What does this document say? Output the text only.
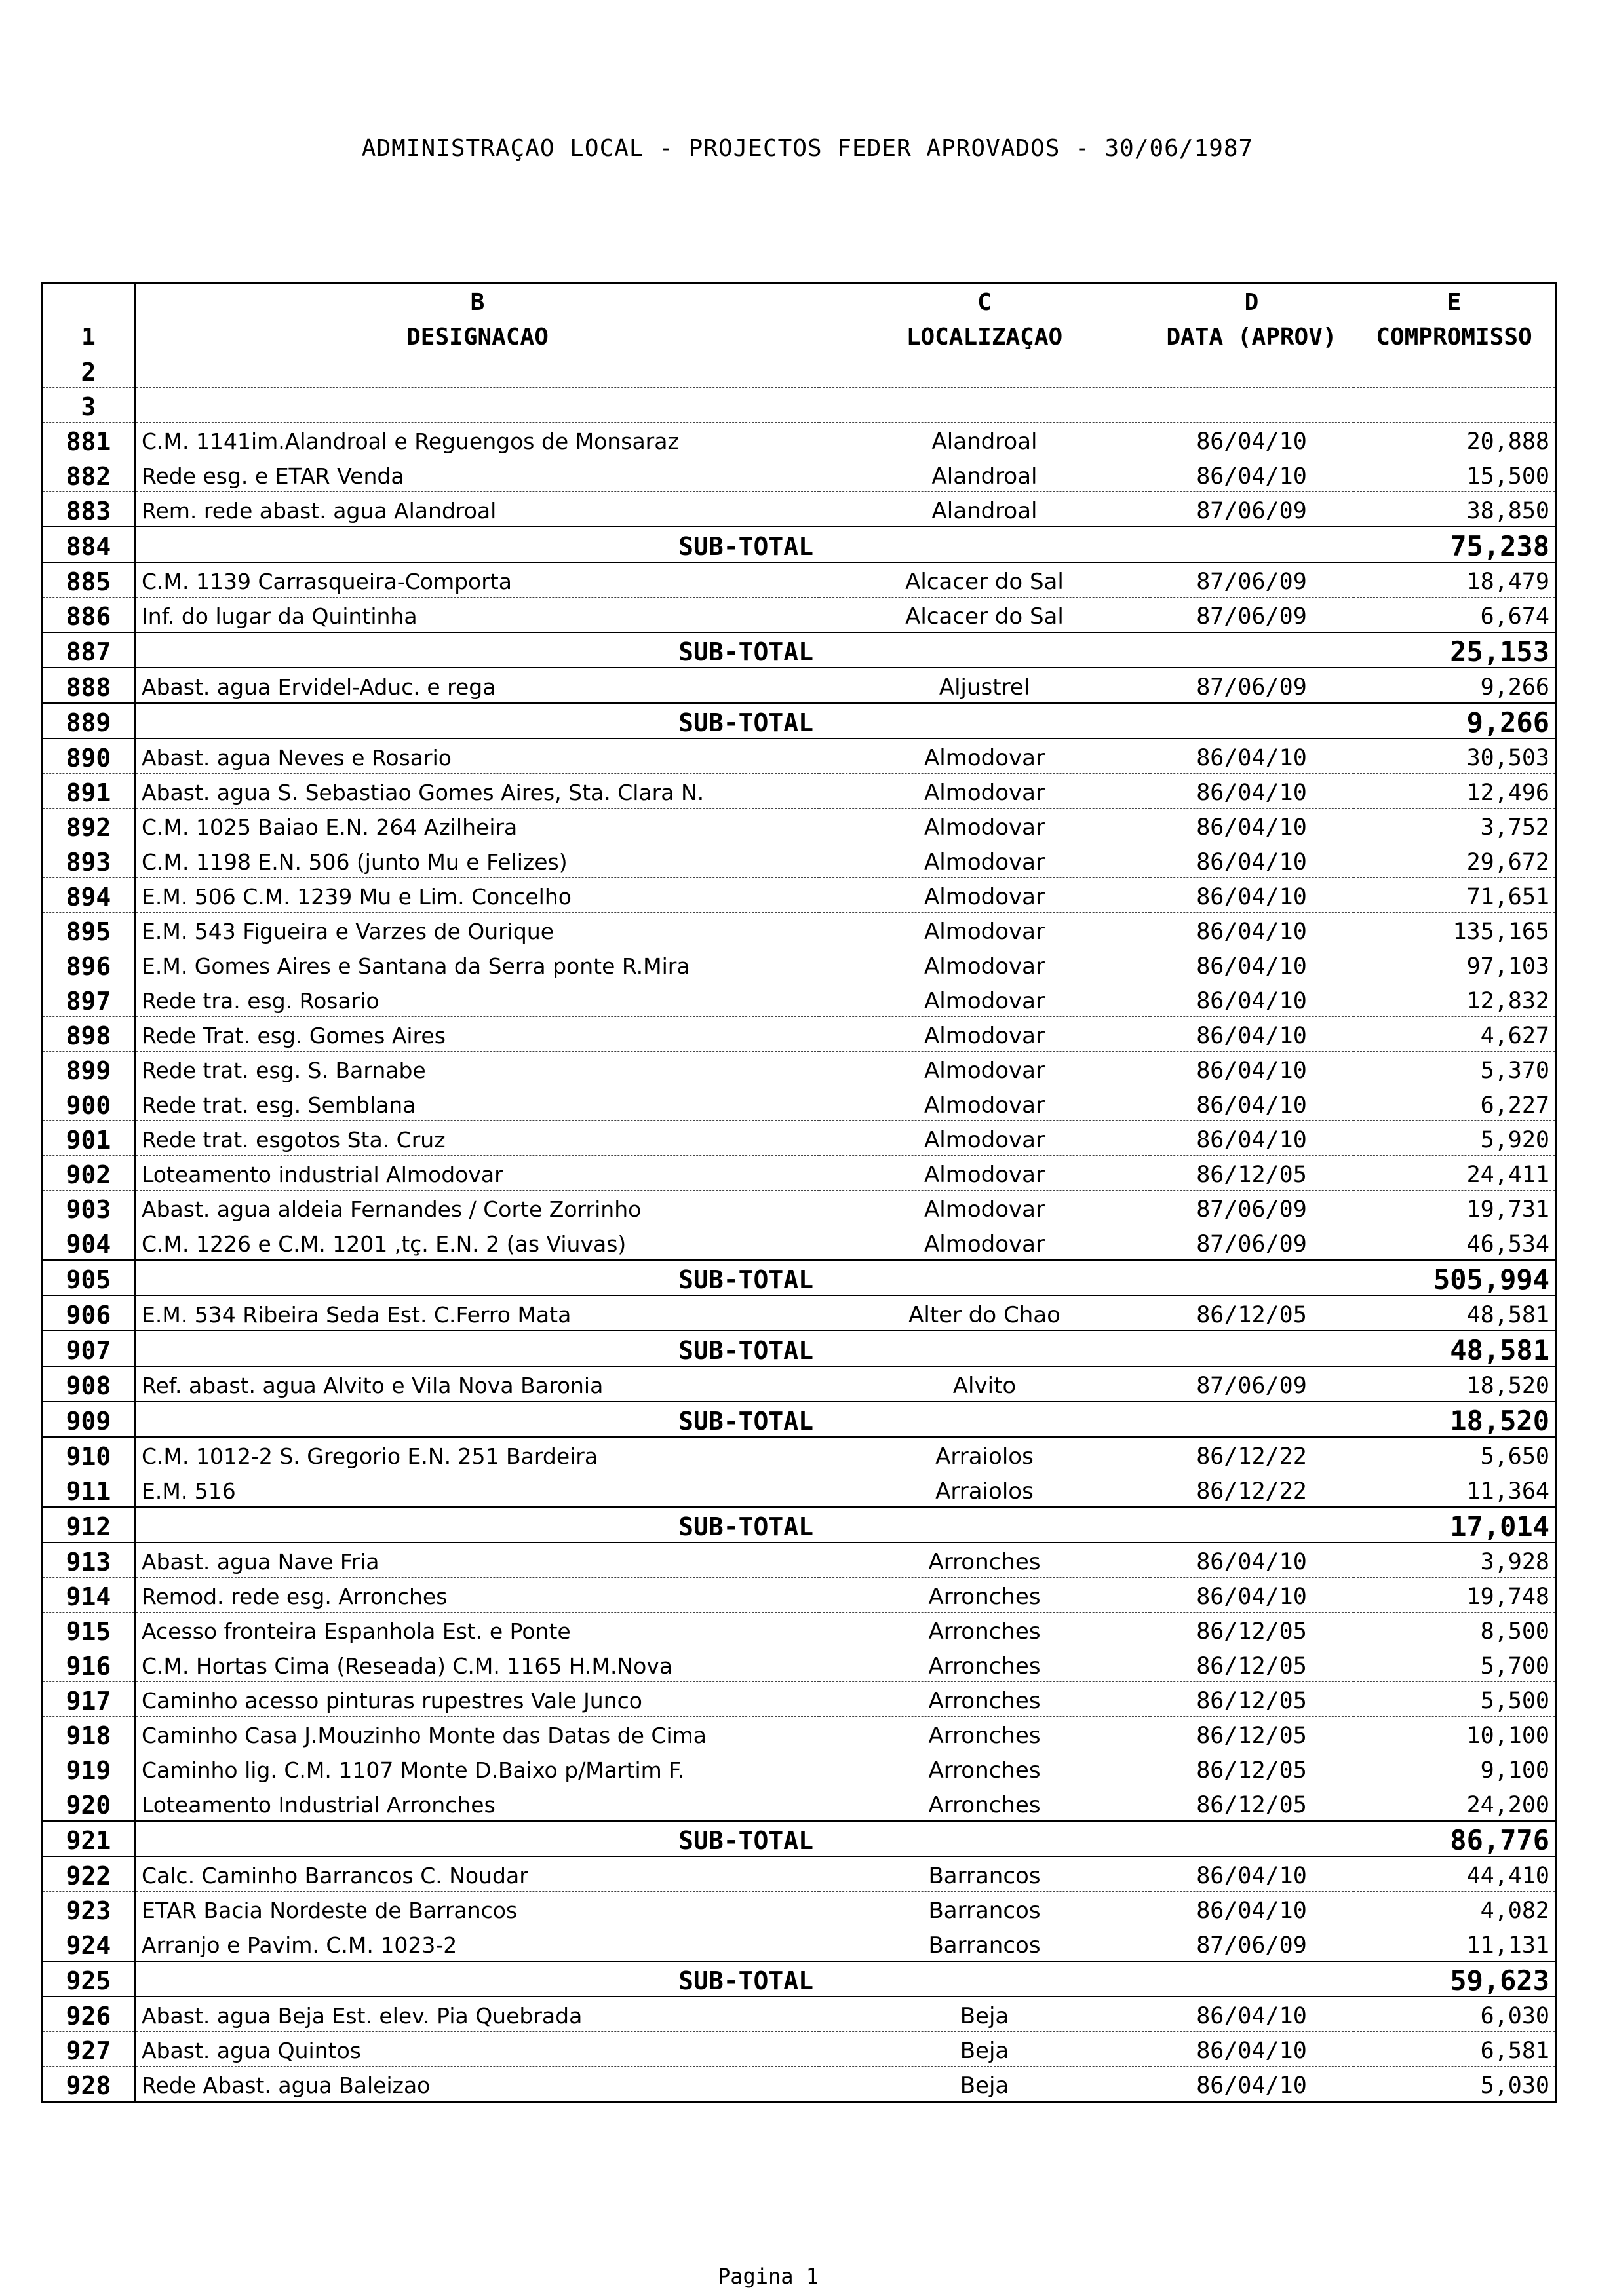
ADMINISTRAÇAO LOCAL - PROJECTOS FEDER APROVADOS - 30/06/1987
	B	C	D	E
1	DESIGNACAO	LOCALIZAÇAO	DATA (APROV)	COMPROMISSO
2				
3				
881	C.M. 1141im.Alandroal e Reguengos de Monsaraz	Alandroal	86/04/10	20,888
882	Rede esg. e ETAR Venda	Alandroal	86/04/10	15,500
883	Rem. rede abast. agua Alandroal	Alandroal	87/06/09	38,850
884	SUB-TOTAL			75,238
885	C.M. 1139 Carrasqueira-Comporta	Alcacer do Sal	87/06/09	18,479
886	Inf. do lugar da Quintinha	Alcacer do Sal	87/06/09	6,674
887	SUB-TOTAL			25,153
888	Abast. agua Ervidel-Aduc. e rega	Aljustrel	87/06/09	9,266
889	SUB-TOTAL			9,266
890	Abast. agua Neves e Rosario	Almodovar	86/04/10	30,503
891	Abast. agua S. Sebastiao Gomes Aires, Sta. Clara N.	Almodovar	86/04/10	12,496
892	C.M. 1025 Baiao E.N. 264 Azilheira	Almodovar	86/04/10	3,752
893	C.M. 1198 E.N. 506 (junto Mu e Felizes)	Almodovar	86/04/10	29,672
894	E.M. 506 C.M. 1239 Mu e Lim. Concelho	Almodovar	86/04/10	71,651
895	E.M. 543 Figueira e Varzes de Ourique	Almodovar	86/04/10	135,165
896	E.M. Gomes Aires e Santana da Serra ponte R.Mira	Almodovar	86/04/10	97,103
897	Rede tra. esg. Rosario	Almodovar	86/04/10	12,832
898	Rede Trat. esg. Gomes Aires	Almodovar	86/04/10	4,627
899	Rede trat. esg. S. Barnabe	Almodovar	86/04/10	5,370
900	Rede trat. esg. Semblana	Almodovar	86/04/10	6,227
901	Rede trat. esgotos Sta. Cruz	Almodovar	86/04/10	5,920
902	Loteamento industrial Almodovar	Almodovar	86/12/05	24,411
903	Abast. agua aldeia Fernandes / Corte Zorrinho	Almodovar	87/06/09	19,731
904	C.M. 1226 e C.M. 1201 ,tç. E.N. 2 (as Viuvas)	Almodovar	87/06/09	46,534
905	SUB-TOTAL			505,994
906	E.M. 534 Ribeira Seda Est. C.Ferro Mata	Alter do Chao	86/12/05	48,581
907	SUB-TOTAL			48,581
908	Ref. abast. agua Alvito e Vila Nova Baronia	Alvito	87/06/09	18,520
909	SUB-TOTAL			18,520
910	C.M. 1012-2 S. Gregorio E.N. 251 Bardeira	Arraiolos	86/12/22	5,650
911	E.M. 516	Arraiolos	86/12/22	11,364
912	SUB-TOTAL			17,014
913	Abast. agua Nave Fria	Arronches	86/04/10	3,928
914	Remod. rede esg. Arronches	Arronches	86/04/10	19,748
915	Acesso fronteira Espanhola Est. e Ponte	Arronches	86/12/05	8,500
916	C.M. Hortas Cima (Reseada) C.M. 1165 H.M.Nova	Arronches	86/12/05	5,700
917	Caminho acesso pinturas rupestres Vale Junco	Arronches	86/12/05	5,500
918	Caminho Casa J.Mouzinho Monte das Datas de Cima	Arronches	86/12/05	10,100
919	Caminho lig. C.M. 1107 Monte D.Baixo p/Martim F.	Arronches	86/12/05	9,100
920	Loteamento Industrial Arronches	Arronches	86/12/05	24,200
921	SUB-TOTAL			86,776
922	Calc. Caminho Barrancos C. Noudar	Barrancos	86/04/10	44,410
923	ETAR Bacia Nordeste de Barrancos	Barrancos	86/04/10	4,082
924	Arranjo e Pavim. C.M. 1023-2	Barrancos	87/06/09	11,131
925	SUB-TOTAL			59,623
926	Abast. agua Beja Est. elev. Pia Quebrada	Beja	86/04/10	6,030
927	Abast. agua Quintos	Beja	86/04/10	6,581
928	Rede Abast. agua Baleizao	Beja	86/04/10	5,030
Pagina 1
